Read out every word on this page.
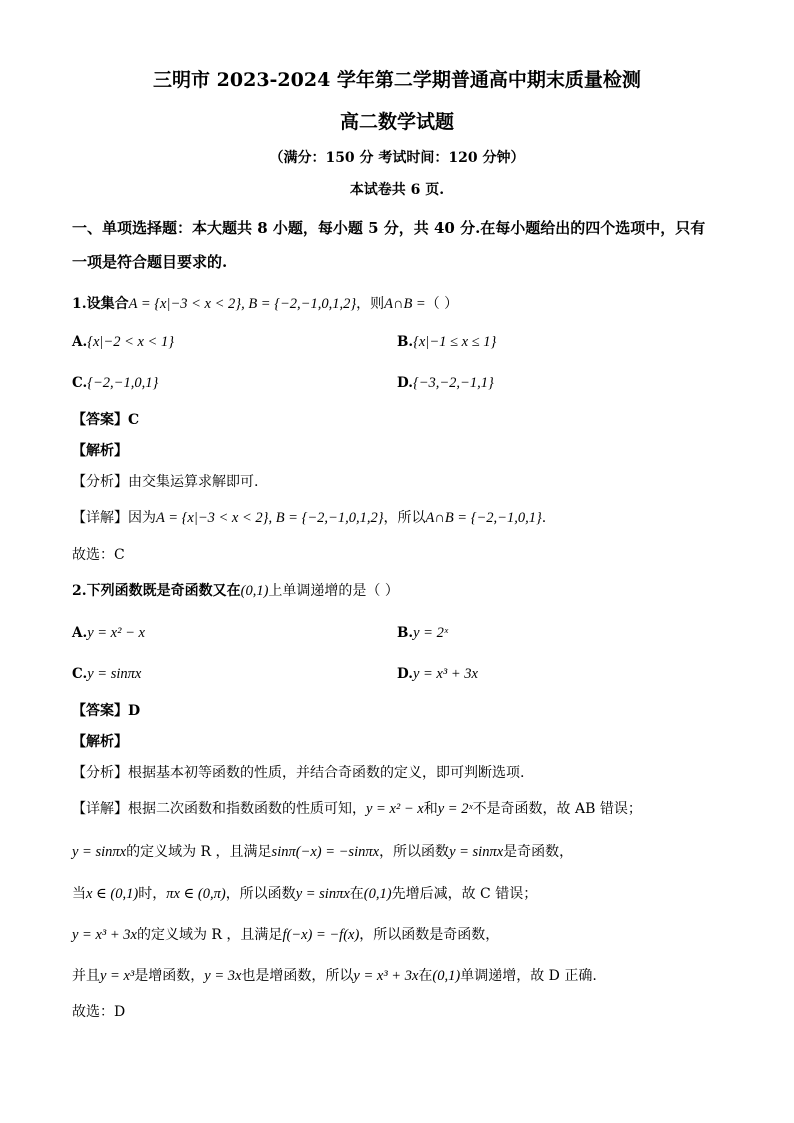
三明市 2023-2024 学年第二学期普通高中期末质量检测
高二数学试题
（满分：150 分 考试时间：120 分钟）
本试卷共 6 页.
一、单项选择题：本大题共 8 小题，每小题 5 分，共 40 分.在每小题给出的四个选项中，只有
一项是符合题目要求的.
1.设集合A = {x|−3 < x < 2}, B = {−2,−1,0,1,2}，则A∩B =（ ）
A.{x|−2 < x < 1}	B.{x|−1 ≤ x ≤ 1}
C.{−2,−1,0,1}	D.{−3,−2,−1,1}
【答案】C
【解析】
【分析】由交集运算求解即可.
【详解】因为A = {x|−3 < x < 2}, B = {−2,−1,0,1,2}，所以A∩B = {−2,−1,0,1}.
故选：C
2.下列函数既是奇函数又在(0,1)上单调递增的是（ ）
A.y = x² − x	B.y = 2ˣ
C.y = sinπx	D.y = x³ + 3x
【答案】D
【解析】
【分析】根据基本初等函数的性质，并结合奇函数的定义，即可判断选项.
【详解】根据二次函数和指数函数的性质可知，y = x² − x和y = 2ˣ不是奇函数，故 AB 错误；
y = sinπx的定义域为 R ，且满足sinπ(−x) = −sinπx，所以函数y = sinπx是奇函数，
当x ∈ (0,1)时，πx ∈ (0,π)，所以函数y = sinπx在(0,1)先增后减，故 C 错误；
y = x³ + 3x的定义域为 R ，且满足f(−x) = −f(x)，所以函数是奇函数，
并且y = x³是增函数，y = 3x也是增函数，所以y = x³ + 3x在(0,1)单调递增，故 D 正确.
故选：D
